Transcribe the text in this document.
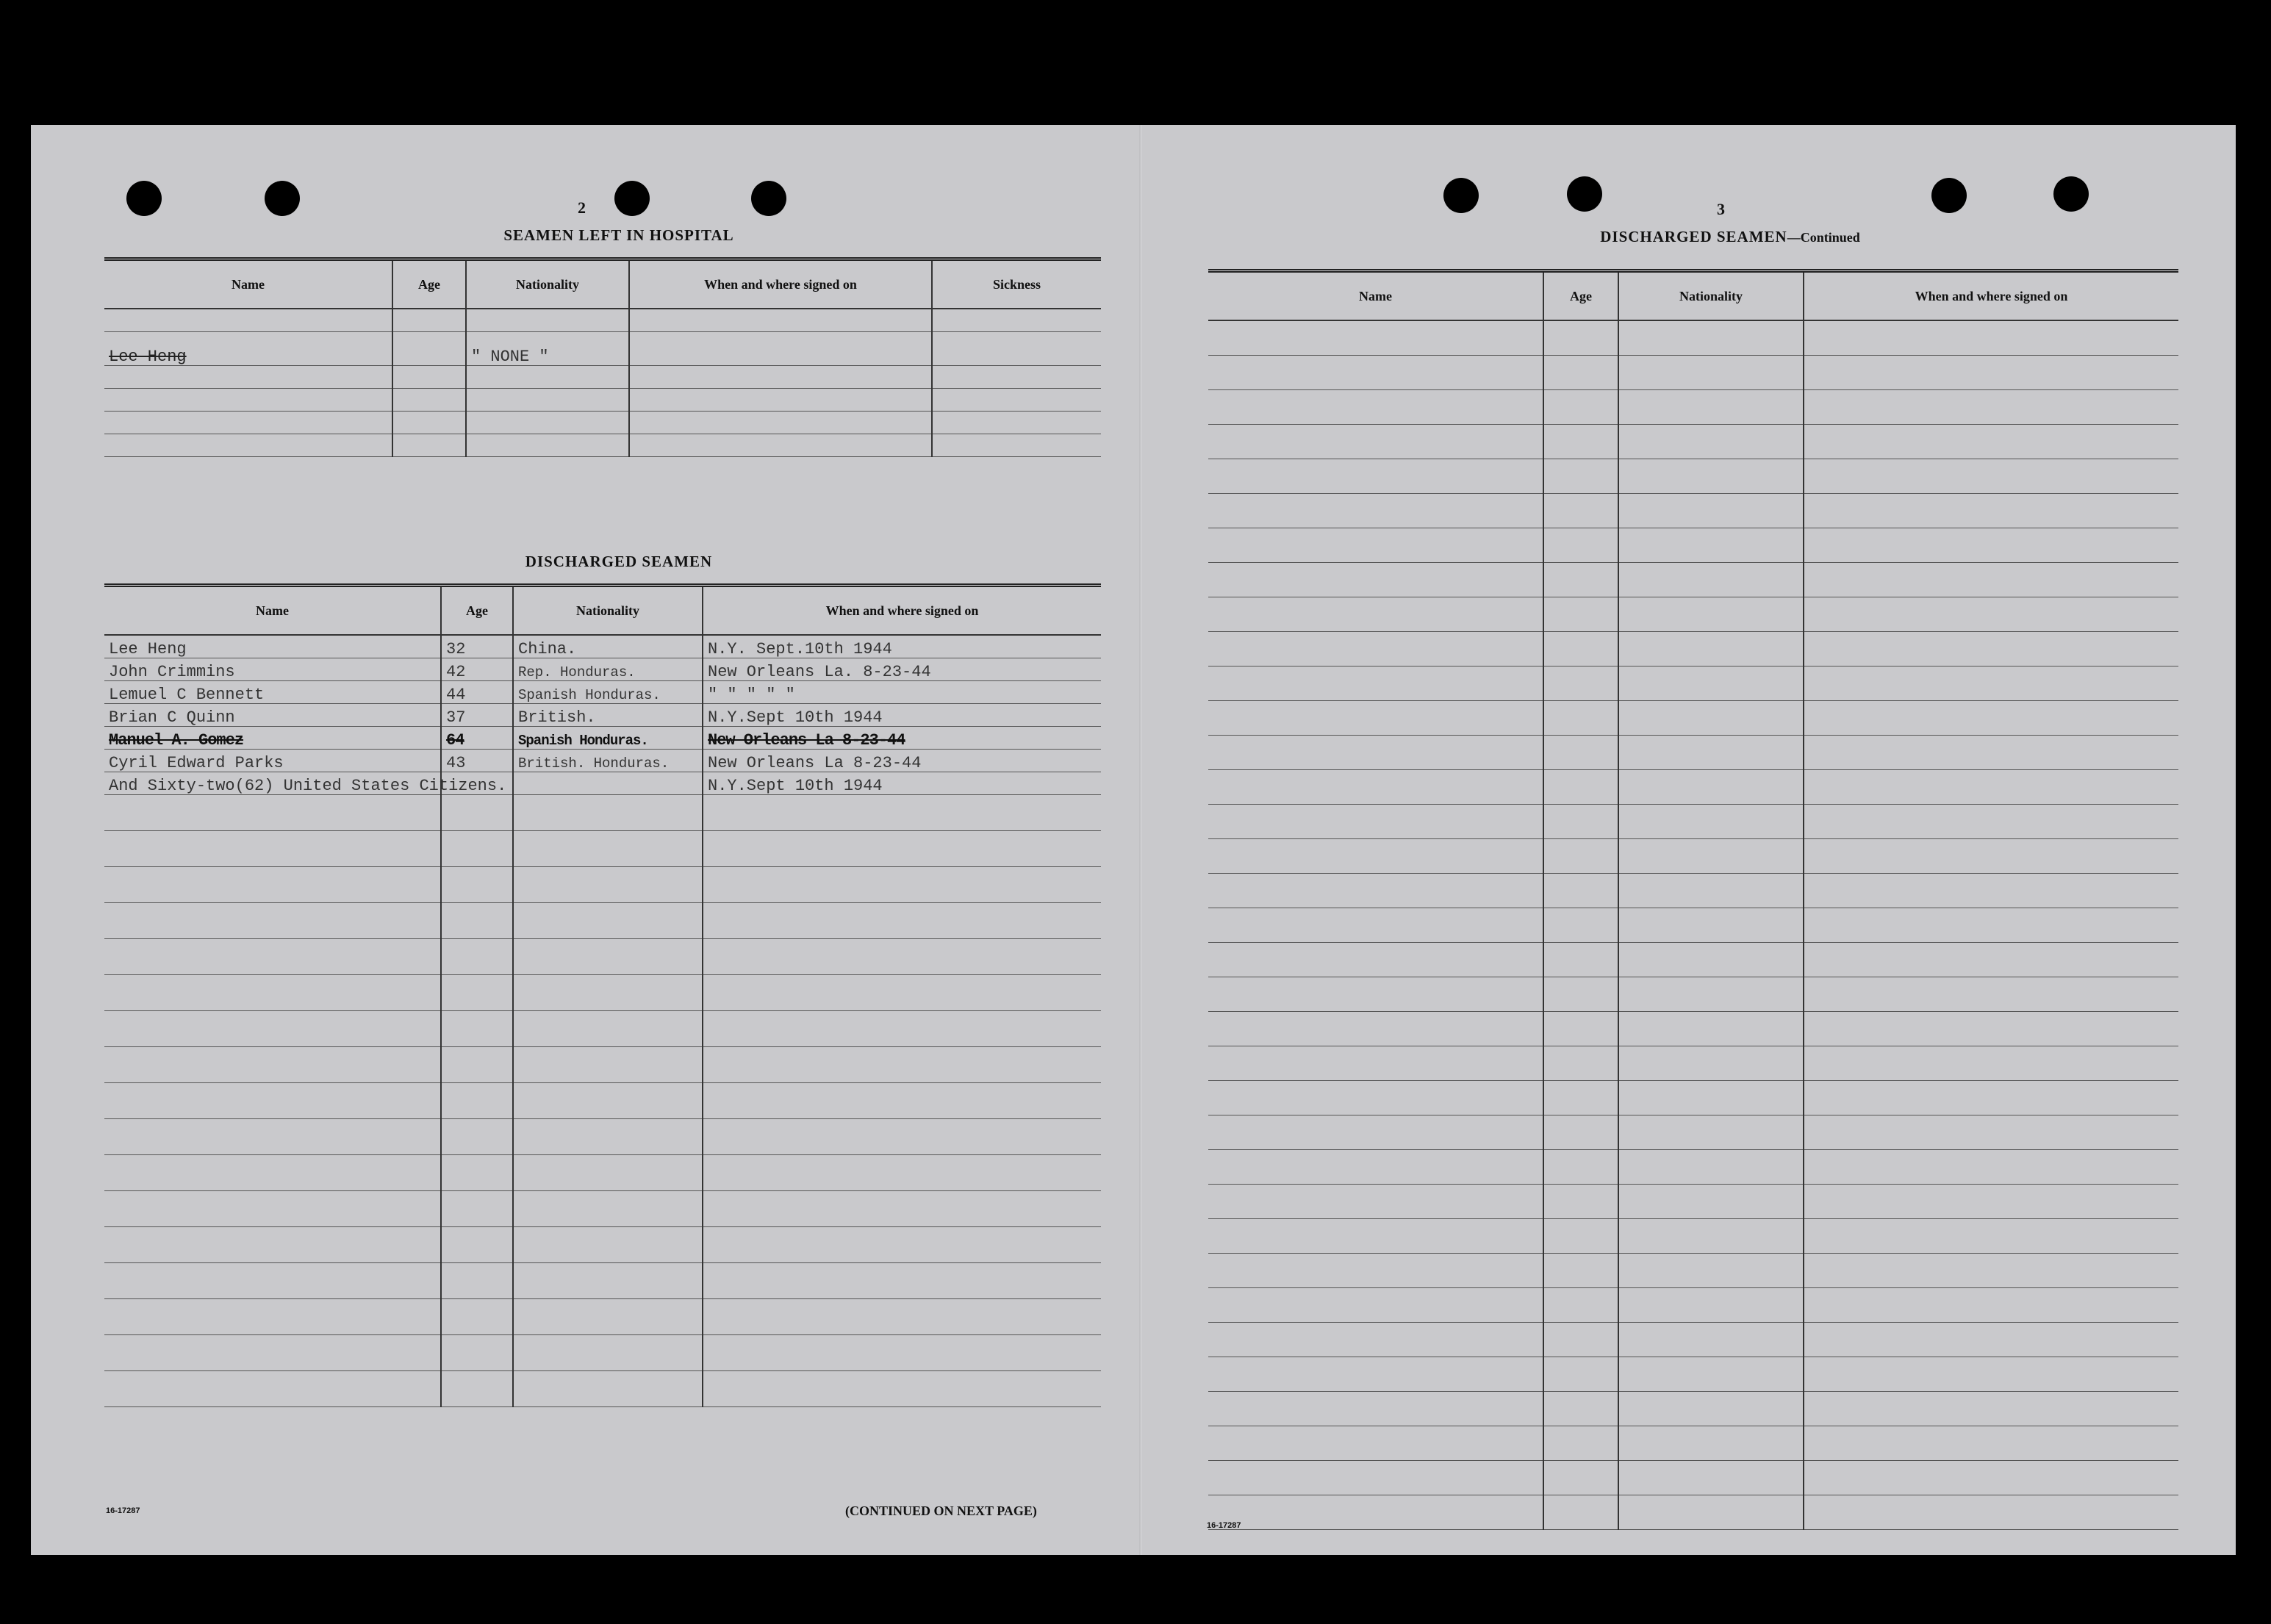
2
SEAMEN LEFT IN HOSPITAL
Name	Age	Nationality	When and where signed on	Sickness

Lee Heng		" NONE "		

DISCHARGED SEAMEN
Name	Age	Nationality	When and where signed on
Lee Heng	32	China.	N.Y. Sept.10th 1944
John Crimmins	42	Rep. Honduras.	New Orleans La. 8-23-44
Lemuel C Bennett	44	Spanish Honduras.	" " " " "
Brian C Quinn	37	British.	N.Y.Sept 10th 1944
Manuel A. Gomez	64	Spanish Honduras.	New Orleans La 8-23-44
Cyril Edward Parks	43	British. Honduras.	New Orleans La 8-23-44
And Sixty-two(62) United States Citizens.			N.Y.Sept 10th 1944

16-17287	(CONTINUED ON NEXT PAGE)
3
DISCHARGED SEAMEN—Continued
Name	Age	Nationality	When and where signed on

16-17287
